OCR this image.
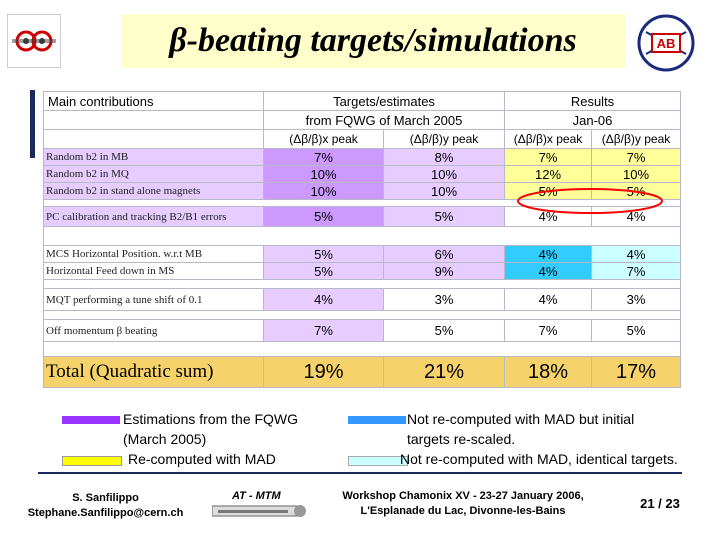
β-beating targets/simulations	AB
Main contributions	Targets/estimates		Results	
	from FQWG of March 2005		Jan-06	
	(Δβ/β)x peak	(Δβ/β)y peak	(Δβ/β)x peak	(Δβ/β)y peak
Random b2 in MB	7%	8%	7%	7%
Random b2 in MQ	10%	10%	12%	10%
Random b2 in stand alone magnets	10%	10%	5%	5%

PC calibration and tracking B2/B1 errors	5%	5%	4%	4%

MCS Horizontal Position. w.r.t MB	5%	6%	4%	4%
Horizontal Feed down in MS	5%	9%	4%	7%

MQT performing a tune shift of 0.1	4%	3%	4%	3%

Off momentum β beating	7%	5%	7%	5%

Total (Quadratic sum)	19%	21%	18%	17%
Estimations from the FQWG
(March 2005)
Re-computed with MAD
Not re-computed with MAD but initial
targets re-scaled.
Not re-computed with MAD, identical targets.
S. Sanfilippo
Stephane.Sanfilippo@cern.ch
AT - MTM	Workshop Chamonix XV - 23-27 January 2006,
L'Esplanade du Lac, Divonne-les-Bains	21 / 23
